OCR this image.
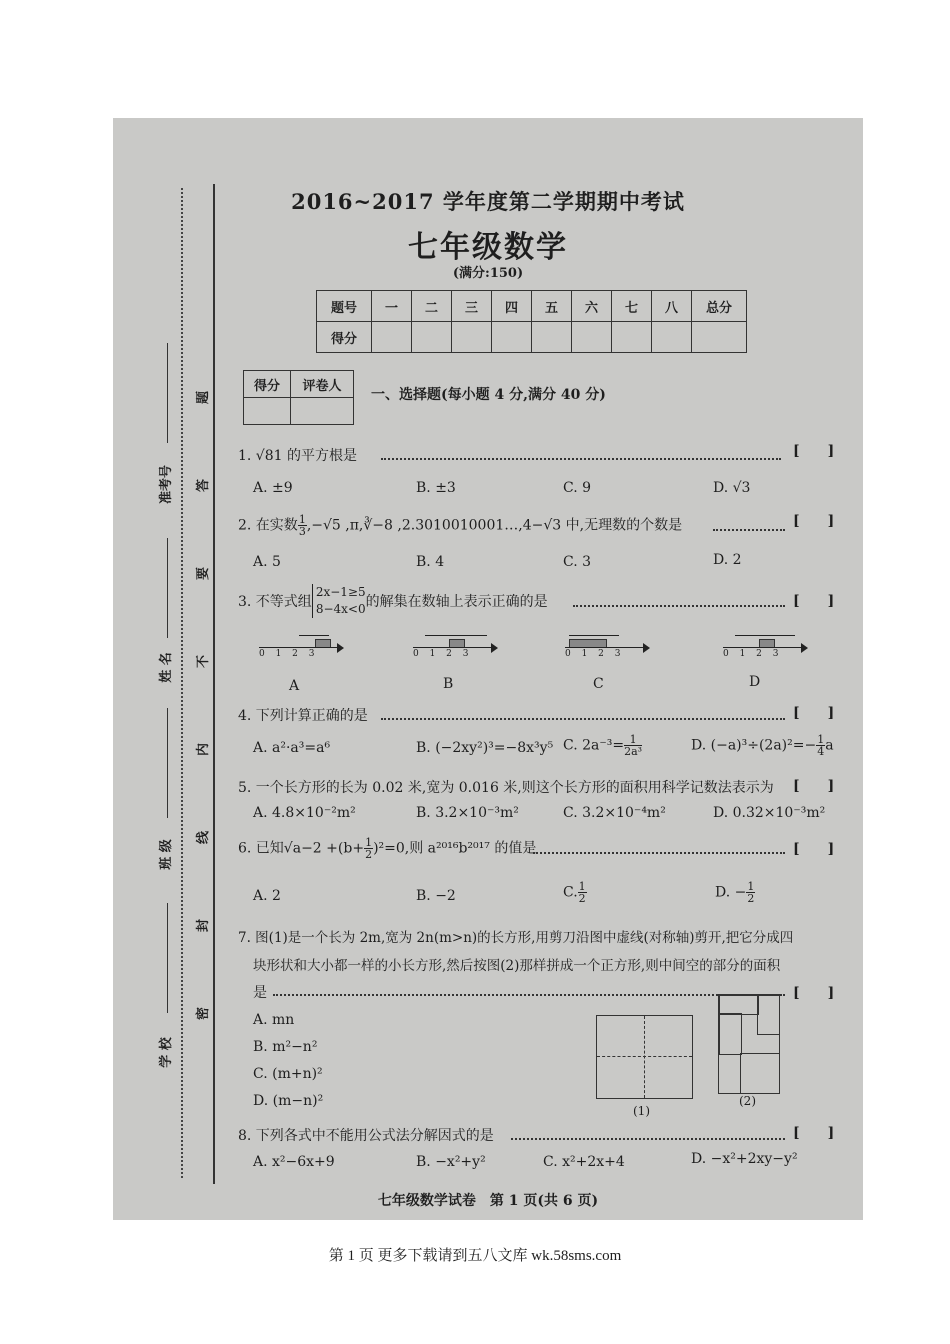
题
答
要
不
内
线
封
密
准考号
姓 名
班 级
学 校
2016~2017 学年度第二学期期中考试
七年级数学
(满分:150)
题号	一	二	三	四	五	六	七	八	总分
得分									
得分	评卷人

一、选择题(每小题 4 分,满分 40 分)
1. √81 的平方根是	[　　]
A. ±9	B. ±3	C. 9	D. √3
2. 在实数 $\frac{1}{3} ,-√5$ ,π,∛−8 ,2.3010010001…,4−√3 中,无理数的个数是	[　　]
A. 5	B. 4	C. 3	D. 2
3. 不等式组
2x−1≥5
8−4x<0 的解集在数轴上表示正确的是	[　　]
0 1 2 3	0 1 2 3	0 1 2 3	0 1 2 3
A	B	C	D
4. 下列计算正确的是	[　　]
A. a²·a³=a⁶	B. (−2xy²)³=−8x³y⁵ C. $2a^{-3}= \frac{1}{\text{2a³}}$	D. $(-a)^3\div(2a)^2=- \frac{1}{4}$ a
5. 一个长方形的长为 0.02 米,宽为 0.016 米,则这个长方形的面积用科学记数法表示为 [　　]
A. 4.8×10⁻²m²	B. 3.2×10⁻³m²	C. 3.2×10⁻⁴m²	D. 0.32×10⁻³m²
6. 已知$√a-2 +(b+ \frac{1}{2} )^2=0$,则 a²⁰¹⁶b²⁰¹⁷ 的值是	[　　]
A. 2	B. −2	C. $\frac{1}{2}$	D. − $\frac{1}{2}$
7. 图(1)是一个长为 2m,宽为 2n(m>n)的长方形,用剪刀沿图中虚线(对称轴)剪开,把它分成四
块形状和大小都一样的小长方形,然后按图(2)那样拼成一个正方形,则中间空的部分的面积
是	[　　]
A. mn
B. m²−n²
C. (m+n)²
D. (m−n)²
(1)
(2)
8. 下列各式中不能用公式法分解因式的是	[　　]
A. x²−6x+9	B. −x²+y²	C. x²+2x+4	D. −x²+2xy−y²
七年级数学试卷　第 1 页(共 6 页)
第 1 页 更多下载请到五八文库 wk.58sms.com
